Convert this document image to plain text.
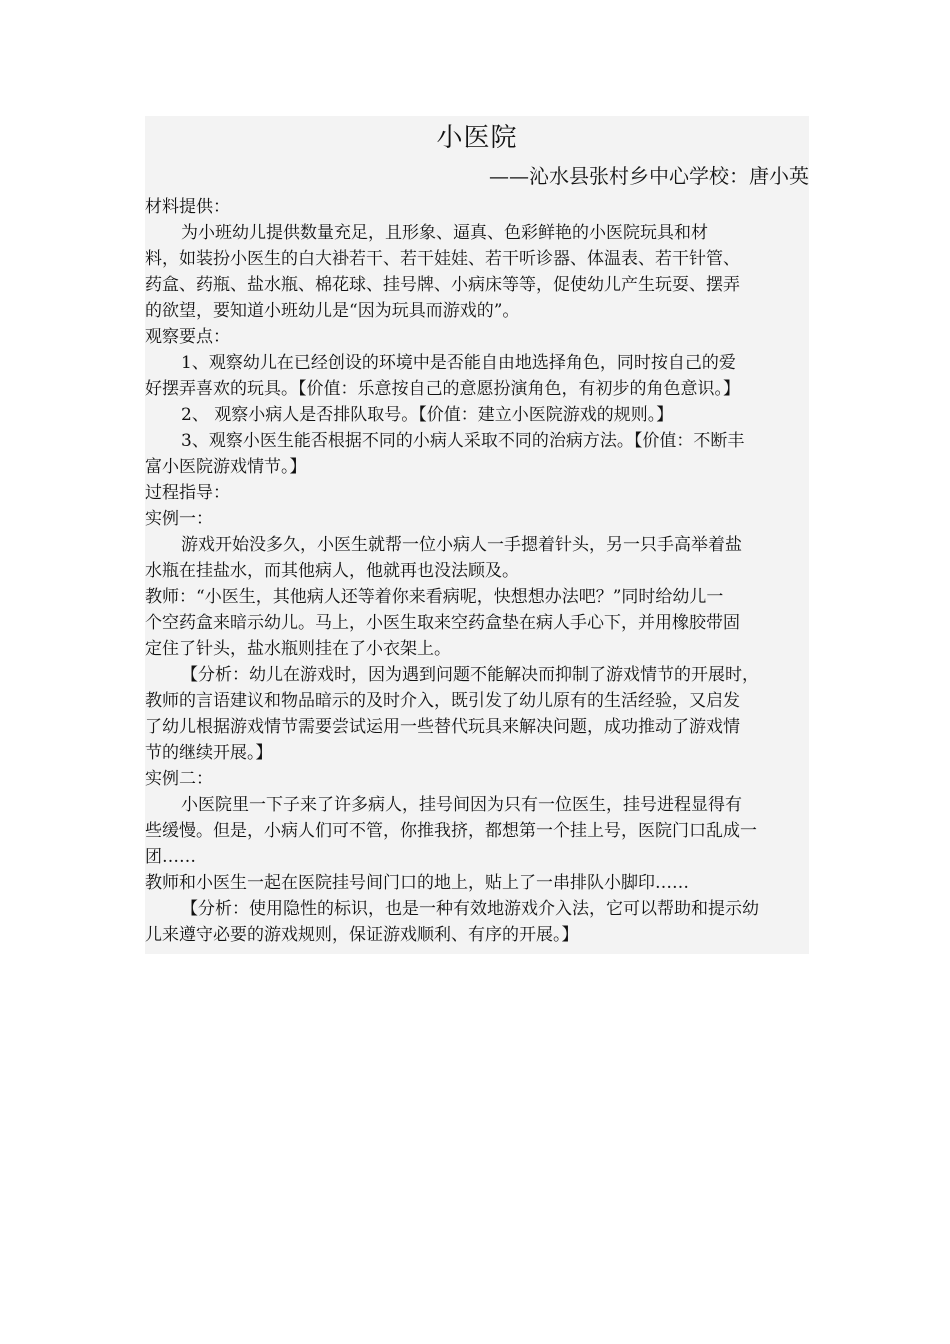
小医院

——沁水县张村乡中心学校：唐小英

材料提供：

为小班幼儿提供数量充足，且形象、逼真、色彩鲜艳的小医院玩具和材

料，如装扮小医生的白大褂若干、若干娃娃、若干听诊器、体温表、若干针管、

药盒、药瓶、盐水瓶、棉花球、挂号牌、小病床等等，促使幼儿产生玩耍、摆弄

的欲望，要知道小班幼儿是“因为玩具而游戏的”。

观察要点：

1、观察幼儿在已经创设的环境中是否能自由地选择角色，同时按自己的爱

好摆弄喜欢的玩具。【价值：乐意按自己的意愿扮演角色，有初步的角色意识。】

2、 观察小病人是否排队取号。【价值：建立小医院游戏的规则。】

3、观察小医生能否根据不同的小病人采取不同的治病方法。【价值：不断丰

富小医院游戏情节。】

过程指导：

实例一：

游戏开始没多久，小医生就帮一位小病人一手摁着针头，另一只手高举着盐

水瓶在挂盐水，而其他病人，他就再也没法顾及。

教师：“小医生，其他病人还等着你来看病呢，快想想办法吧？”同时给幼儿一

个空药盒来暗示幼儿。马上，小医生取来空药盒垫在病人手心下，并用橡胶带固

定住了针头，盐水瓶则挂在了小衣架上。

【分析：幼儿在游戏时，因为遇到问题不能解决而抑制了游戏情节的开展时，

教师的言语建议和物品暗示的及时介入，既引发了幼儿原有的生活经验，又启发

了幼儿根据游戏情节需要尝试运用一些替代玩具来解决问题，成功推动了游戏情

节的继续开展。】

实例二：

小医院里一下子来了许多病人，挂号间因为只有一位医生，挂号进程显得有

些缓慢。但是，小病人们可不管，你推我挤，都想第一个挂上号，医院门口乱成一

团……

教师和小医生一起在医院挂号间门口的地上，贴上了一串排队小脚印……

【分析：使用隐性的标识，也是一种有效地游戏介入法，它可以帮助和提示幼

儿来遵守必要的游戏规则，保证游戏顺利、有序的开展。】
